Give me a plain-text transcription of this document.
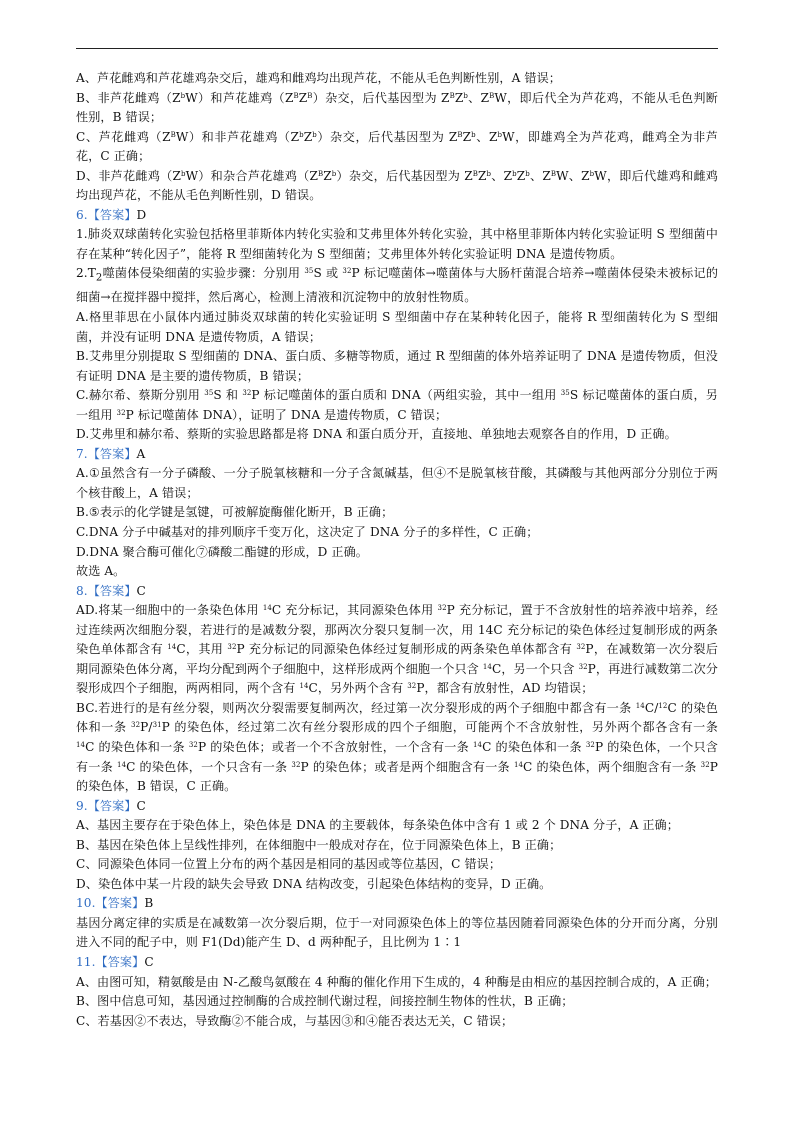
A、芦花雌鸡和芦花雄鸡杂交后，雄鸡和雌鸡均出现芦花，不能从毛色判断性别，A 错误；

B、非芦花雌鸡$(Z^bW)$和芦花雄鸡$(Z^BZ^B)$杂交，后代基因型为 $Z^BZ^b$、$Z^BW$，即后代全为芦花鸡，不能从毛色判断性别，B 错误；

C、芦花雌鸡$(Z^BW)$和非芦花雄鸡$(Z^bZ^b)$杂交，后代基因型为 $Z^BZ^b$、$Z^bW$，即雄鸡全为芦花鸡，雌鸡全为非芦花，C 正确；

D、非芦花雌鸡$(Z^bW)$和杂合芦花雄鸡$(Z^BZ^b)$杂交，后代基因型为 $Z^BZ^b$、$Z^bZ^b$、$Z^BW$、$Z^bW$，即后代雄鸡和雌鸡均出现芦花，不能从毛色判断性别，D 错误。

6.【答案】D

1.肺炎双球菌转化实验包括格里菲斯体内转化实验和艾弗里体外转化实验，其中格里菲斯体内转化实验证明 S 型细菌中存在某种“转化因子”，能将 R 型细菌转化为 S 型细菌；艾弗里体外转化实验证明 DNA 是遗传物质。

$2.T_2$噬菌体侵染细菌的实验步骤：分别用 $^{35}$S 或 $^{32}$P 标记噬菌体→噬菌体与大肠杆菌混合培养→噬菌体侵染未被标记的细菌→在搅拌器中搅拌，然后离心，检测上清液和沉淀物中的放射性物质。

A.格里菲思在小鼠体内通过肺炎双球菌的转化实验证明 S 型细菌中存在某种转化因子，能将 R 型细菌转化为 S 型细菌，并没有证明 DNA 是遗传物质，A 错误；

B.艾弗里分别提取 S 型细菌的 DNA、蛋白质、多糖等物质，通过 R 型细菌的体外培养证明了 DNA 是遗传物质，但没有证明 DNA 是主要的遗传物质，B 错误；

C.赫尔希、蔡斯分别用 $^{35}$S 和 $^{32}$P 标记噬菌体的蛋白质和 DNA（两组实验，其中一组用 $^{35}$S 标记噬菌体的蛋白质，另一组用 $^{32}$P 标记噬菌体 DNA），证明了 DNA 是遗传物质，C 错误；

D.艾弗里和赫尔希、蔡斯的实验思路都是将 DNA 和蛋白质分开，直接地、单独地去观察各自的作用，D 正确。

7.【答案】A

A.①虽然含有一分子磷酸、一分子脱氧核糖和一分子含氮碱基，但④不是脱氧核苷酸，其磷酸与其他两部分分别位于两个核苷酸上，A 错误；

B.⑤表示的化学键是氢键，可被解旋酶催化断开，B 正确；

C.DNA 分子中碱基对的排列顺序千变万化，这决定了 DNA 分子的多样性，C 正确；

D.DNA 聚合酶可催化⑦磷酸二酯键的形成，D 正确。

故选 A。

8.【答案】C

AD.将某一细胞中的一条染色体用 $^{14}$C 充分标记，其同源染色体用 $^{32}$P 充分标记，置于不含放射性的培养液中培养，经过连续两次细胞分裂，若进行的是减数分裂，那两次分裂只复制一次，用 14C 充分标记的染色体经过复制形成的两条染色单体都含有 $^{14}$C，其用 $^{32}$P 充分标记的同源染色体经过复制形成的两条染色单体都含有 $^{32}$P，在减数第一次分裂后期同源染色体分离，平均分配到两个子细胞中，这样形成两个细胞一个只含 $^{14}$C，另一个只含 $^{32}$P，再进行减数第二次分裂形成四个子细胞，两两相同，两个含有 $^{14}$C，另外两个含有 $^{32}$P，都含有放射性，AD 均错误；

BC.若进行的是有丝分裂，则两次分裂需要复制两次，经过第一次分裂形成的两个子细胞中都含有一条 $^{14}$C/$^{12}$C 的染色体和一条 $^{32}$P/$^{31}$P 的染色体，经过第二次有丝分裂形成的四个子细胞，可能两个不含放射性，另外两个都各含有一条 $^{14}$C 的染色体和一条 $^{32}$P 的染色体；或者一个不含放射性，一个含有一条 $^{14}$C 的染色体和一条 $^{32}$P 的染色体，一个只含有一条 $^{14}$C 的染色体，一个只含有一条 $^{32}$P 的染色体；或者是两个细胞含有一条 $^{14}$C 的染色体，两个细胞含有一条 $^{32}$P 的染色体，B 错误，C 正确。

9.【答案】C

A、基因主要存在于染色体上，染色体是 DNA 的主要载体，每条染色体中含有 1 或 2 个 DNA 分子，A 正确；

B、基因在染色体上呈线性排列，在体细胞中一般成对存在，位于同源染色体上，B 正确；

C、同源染色体同一位置上分布的两个基因是相同的基因或等位基因，C 错误；

D、染色体中某一片段的缺失会导致 DNA 结构改变，引起染色体结构的变异，D 正确。

10.【答案】B

基因分离定律的实质是在减数第一次分裂后期，位于一对同源染色体上的等位基因随着同源染色体的分开而分离，分别进入不同的配子中，则 F1(Dd)能产生 D、d 两种配子，且比例为 1∶1

11.【答案】C

A、由图可知，精氨酸是由 N-乙酸鸟氨酸在 4 种酶的催化作用下生成的，4 种酶是由相应的基因控制合成的，A 正确；

B、图中信息可知，基因通过控制酶的合成控制代谢过程，间接控制生物体的性状，B 正确；

C、若基因②不表达，导致酶②不能合成，与基因③和④能否表达无关，C 错误；
